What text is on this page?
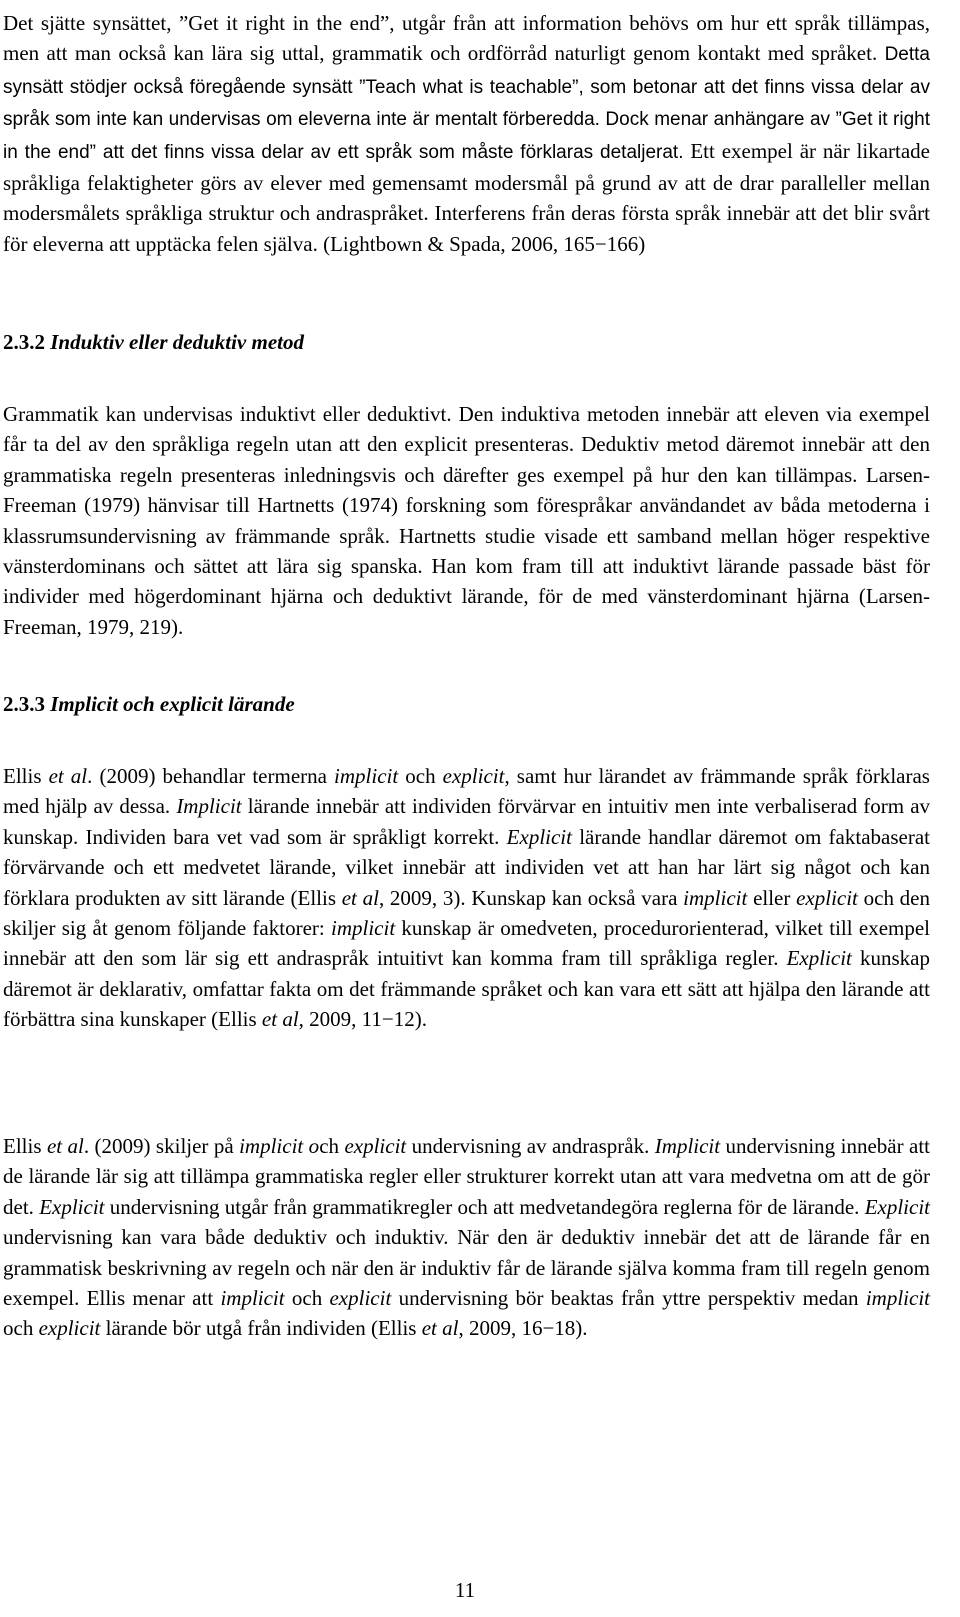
Det sjätte synsättet, ”Get it right in the end”, utgår från att information behövs om hur ett språk tillämpas, men att man också kan lära sig uttal, grammatik och ordförråd naturligt genom kontakt med språket. Detta synsätt stödjer också föregående synsätt ”Teach what is teachable”, som betonar att det finns vissa delar av språk som inte kan undervisas om eleverna inte är mentalt förberedda. Dock menar anhängare av ”Get it right in the end” att det finns vissa delar av ett språk som måste förklaras detaljerat. Ett exempel är när likartade språkliga felaktigheter görs av elever med gemensamt modersmål på grund av att de drar paralleller mellan modersmålets språkliga struktur och andraspråket. Interferens från deras första språk innebär att det blir svårt för eleverna att upptäcka felen själva. (Lightbown & Spada, 2006, 165−166)

2.3.2 Induktiv eller deduktiv metod

Grammatik kan undervisas induktivt eller deduktivt. Den induktiva metoden innebär att eleven via exempel får ta del av den språkliga regeln utan att den explicit presenteras. Deduktiv metod däremot innebär att den grammatiska regeln presenteras inledningsvis och därefter ges exempel på hur den kan tillämpas. Larsen-Freeman (1979) hänvisar till Hartnetts (1974) forskning som förespråkar användandet av båda metoderna i klassrumsundervisning av främmande språk. Hartnetts studie visade ett samband mellan höger respektive vänsterdominans och sättet att lära sig spanska. Han kom fram till att induktivt lärande passade bäst för individer med högerdominant hjärna och deduktivt lärande, för de med vänsterdominant hjärna (Larsen-Freeman, 1979, 219).

2.3.3 Implicit och explicit lärande

Ellis et al. (2009) behandlar termerna implicit och explicit, samt hur lärandet av främmande språk förklaras med hjälp av dessa. Implicit lärande innebär att individen förvärvar en intuitiv men inte verbaliserad form av kunskap. Individen bara vet vad som är språkligt korrekt. Explicit lärande handlar däremot om faktabaserat förvärvande och ett medvetet lärande, vilket innebär att individen vet att han har lärt sig något och kan förklara produkten av sitt lärande (Ellis et al, 2009, 3). Kunskap kan också vara implicit eller explicit och den skiljer sig åt genom följande faktorer: implicit kunskap är omedveten, procedurorienterad, vilket till exempel innebär att den som lär sig ett andraspråk intuitivt kan komma fram till språkliga regler. Explicit kunskap däremot är deklarativ, omfattar fakta om det främmande språket och kan vara ett sätt att hjälpa den lärande att förbättra sina kunskaper (Ellis et al, 2009, 11−12).

Ellis et al. (2009) skiljer på implicit och explicit undervisning av andraspråk. Implicit undervisning innebär att de lärande lär sig att tillämpa grammatiska regler eller strukturer korrekt utan att vara medvetna om att de gör det. Explicit undervisning utgår från grammatikregler och att medvetandegöra reglerna för de lärande. Explicit undervisning kan vara både deduktiv och induktiv. När den är deduktiv innebär det att de lärande får en grammatisk beskrivning av regeln och när den är induktiv får de lärande själva komma fram till regeln genom exempel. Ellis menar att implicit och explicit undervisning bör beaktas från yttre perspektiv medan implicit och explicit lärande bör utgå från individen (Ellis et al, 2009, 16−18).

11
